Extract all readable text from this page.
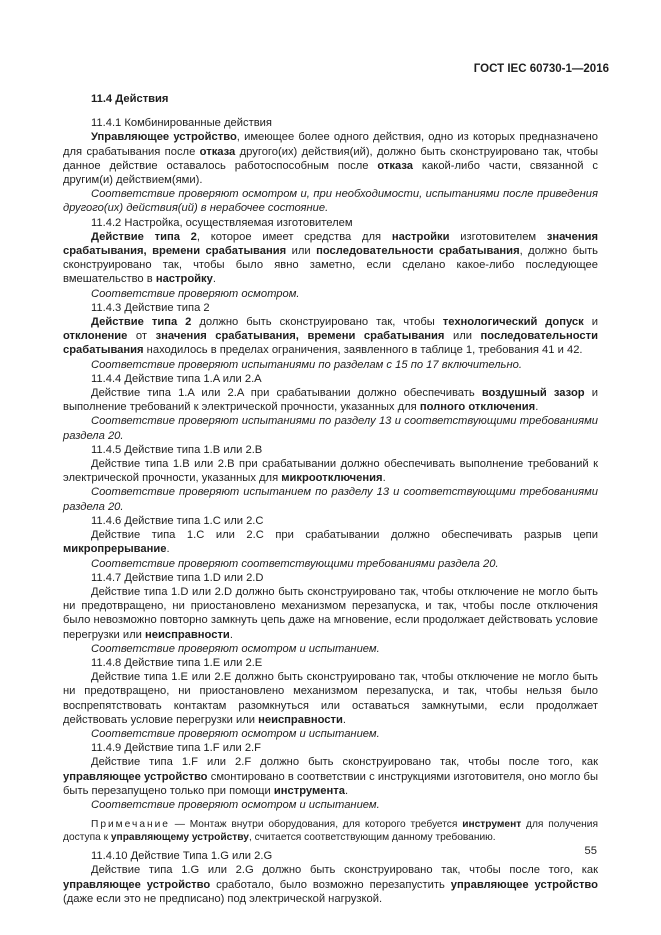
ГОСТ IEC 60730-1—2016

11.4 Действия

11.4.1 Комбинированные действия

Управляющее устройство, имеющее более одного действия, одно из которых предназначено для срабатывания после отказа другого(их) действия(ий), должно быть сконструировано так, чтобы данное действие оставалось работоспособным после отказа какой-либо части, связанной с другим(и) действием(ями).

Соответствие проверяют осмотром и, при необходимости, испытаниями после приведения другого(их) действия(ий) в нерабочее состояние.

11.4.2 Настройка, осуществляемая изготовителем

Действие типа 2, которое имеет средства для настройки изготовителем значения срабатывания, времени срабатывания или последовательности срабатывания, должно быть сконструировано так, чтобы было явно заметно, если сделано какое-либо последующее вмешательство в настройку.

Соответствие проверяют осмотром.

11.4.3 Действие типа 2

Действие типа 2 должно быть сконструировано так, чтобы технологический допуск и отклонение от значения срабатывания, времени срабатывания или последовательности срабатывания находилось в пределах ограничения, заявленного в таблице 1, требования 41 и 42.

Соответствие проверяют испытаниями по разделам с 15 по 17 включительно.

11.4.4 Действие типа 1.A или 2.A

Действие типа 1.A или 2.A при срабатывании должно обеспечивать воздушный зазор и выполнение требований к электрической прочности, указанных для полного отключения.

Соответствие проверяют испытаниями по разделу 13 и соответствующими требованиями раздела 20.

11.4.5 Действие типа 1.B или 2.B

Действие типа 1.B или 2.B при срабатывании должно обеспечивать выполнение требований к электрической прочности, указанных для микроотключения.

Соответствие проверяют испытанием по разделу 13 и соответствующими требованиями раздела 20.

11.4.6 Действие типа 1.C или 2.C

Действие типа 1.C или 2.C при срабатывании должно обеспечивать разрыв цепи микропрерывание.

Соответствие проверяют соответствующими требованиями раздела 20.

11.4.7 Действие типа 1.D или 2.D

Действие типа 1.D или 2.D должно быть сконструировано так, чтобы отключение не могло быть ни предотвращено, ни приостановлено механизмом перезапуска, и так, чтобы после отключения было невозможно повторно замкнуть цепь даже на мгновение, если продолжает действовать условие перегрузки или неисправности.

Соответствие проверяют осмотром и испытанием.

11.4.8 Действие типа 1.E или 2.E

Действие типа 1.E или 2.E должно быть сконструировано так, чтобы отключение не могло быть ни предотвращено, ни приостановлено механизмом перезапуска, и так, чтобы нельзя было воспрепятствовать контактам разомкнуться или оставаться замкнутыми, если продолжает действовать условие перегрузки или неисправности.

Соответствие проверяют осмотром и испытанием.

11.4.9 Действие типа 1.F или 2.F

Действие типа 1.F или 2.F должно быть сконструировано так, чтобы после того, как управляющее устройство смонтировано в соответствии с инструкциями изготовителя, оно могло бы быть перезапущено только при помощи инструмента.

Соответствие проверяют осмотром и испытанием.

Примечание — Монтаж внутри оборудования, для которого требуется инструмент для получения доступа к управляющему устройству, считается соответствующим данному требованию.

11.4.10 Действие Типа 1.G или 2.G

Действие типа 1.G или 2.G должно быть сконструировано так, чтобы после того, как управляющее устройство сработало, было возможно перезапустить управляющее устройство (даже если это не предписано) под электрической нагрузкой.

55
